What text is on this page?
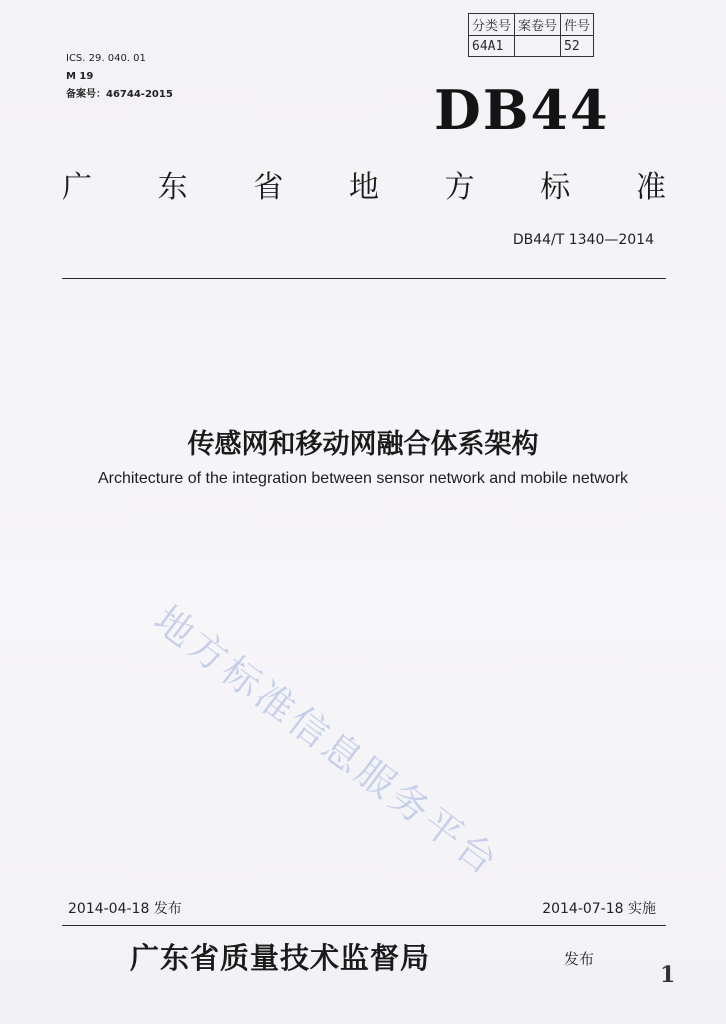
分类号	案卷号	件号
64A1		52
ICS. 29. 040. 01
M 19
备案号：46744-2015	DB44
广 东 省 地 方 标 准
DB44/T 1340—2014
传感网和移动网融合体系架构
Architecture of the integration between sensor network and mobile network
地方标准信息服务平台
2014-04-18 发布	2014-07-18 实施
广东省质量技术监督局	发布
1
